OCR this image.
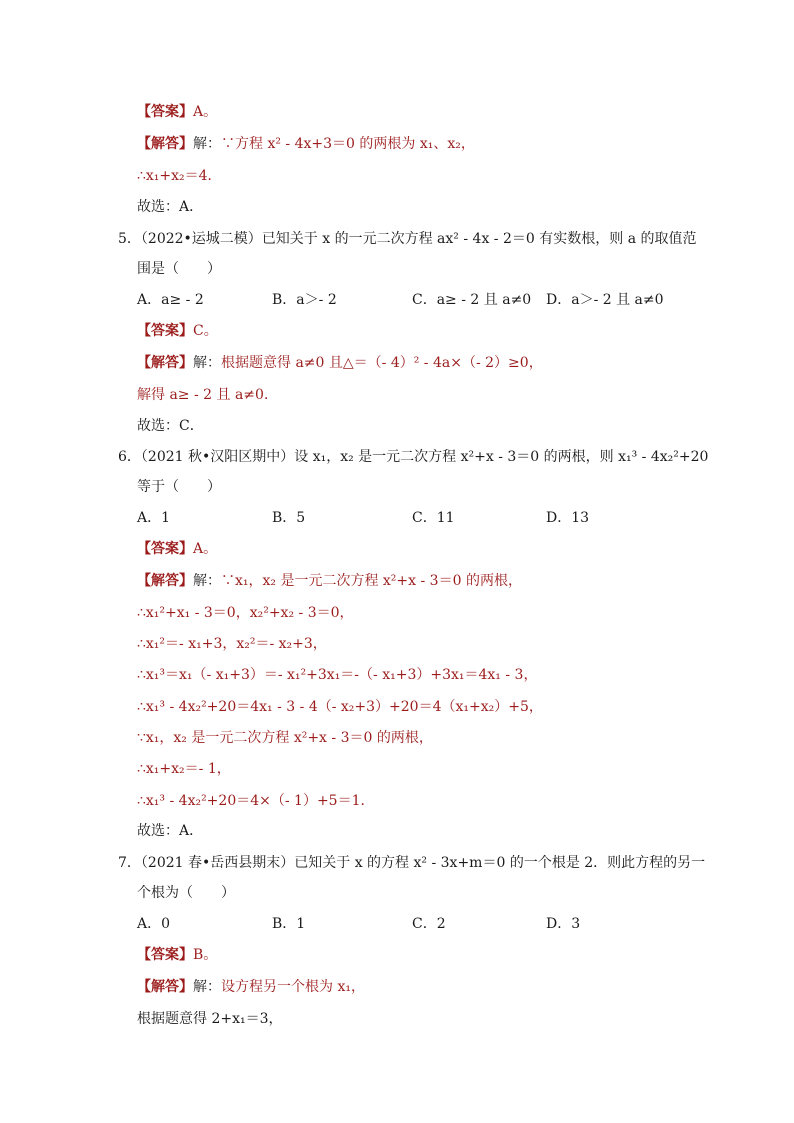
【答案】A。
【解答】解：∵方程 x² - 4x+3＝0 的两根为 x₁、x₂，
∴x₁+x₂＝4．
故选：A．
5．（2022•运城二模）已知关于 x 的一元二次方程 ax² - 4x - 2＝0 有实数根，则 a 的取值范
围是（　　）
A．a≥ - 2	B．a＞- 2	C．a≥ - 2 且 a≠0 D．a＞- 2 且 a≠0
【答案】C。
【解答】解：根据题意得 a≠0 且△＝（- 4）² - 4a×（- 2）≥0，
解得 a≥ - 2 且 a≠0．
故选：C．
6．（2021 秋•汉阳区期中）设 x₁，x₂ 是一元二次方程 x²+x - 3＝0 的两根，则 x₁³ - 4x₂²+20
等于（　　）
A．1	B．5	C．11	D．13
【答案】A。
【解答】解：∵x₁，x₂ 是一元二次方程 x²+x - 3＝0 的两根，
∴x₁²+x₁ - 3＝0，x₂²+x₂ - 3＝0，
∴x₁²＝- x₁+3，x₂²＝- x₂+3，
∴x₁³＝x₁（- x₁+3）＝- x₁²+3x₁＝-（- x₁+3）+3x₁＝4x₁ - 3，
∴x₁³ - 4x₂²+20＝4x₁ - 3 - 4（- x₂+3）+20＝4（x₁+x₂）+5，
∵x₁，x₂ 是一元二次方程 x²+x - 3＝0 的两根，
∴x₁+x₂＝- 1，
∴x₁³ - 4x₂²+20＝4×（- 1）+5＝1．
故选：A．
7．（2021 春•岳西县期末）已知关于 x 的方程 x² - 3x+m＝0 的一个根是 2．则此方程的另一
个根为（　　）
A．0	B．1	C．2	D．3
【答案】B。
【解答】解：设方程另一个根为 x₁，
根据题意得 2+x₁＝3，
